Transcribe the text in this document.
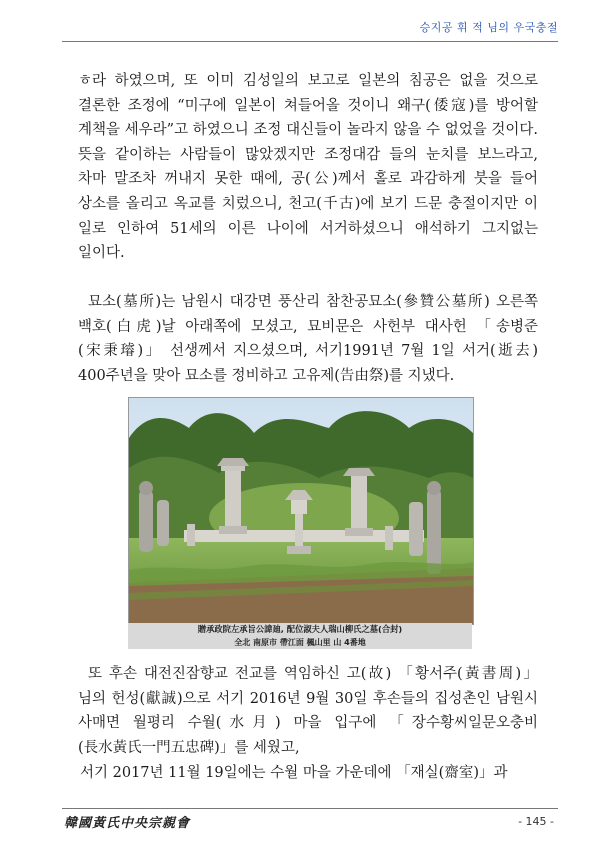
승지공 휘 적 님의 우국충절

ㅎ라 하였으며, 또 이미 김성일의 보고로 일본의 침공은 없을 것으로 결론한 조정에 “미구에 일본이 쳐들어올 것이니 왜구(倭寇)를 방어할 계책을 세우라”고 하였으니 조정 대신들이 놀라지 않을 수 없었을 것이다. 뜻을 같이하는 사람들이 많았겠지만 조정대감 들의 눈치를 보느라고, 차마 말조차 꺼내지 못한 때에, 공(公)께서 홀로 과감하게 붓을 들어 상소를 올리고 옥교를 치렀으니, 천고(千古)에 보기 드문 충절이지만 이 일로 인하여 51세의 이른 나이에 서거하셨으니 애석하기 그지없는 일이다.

묘소(墓所)는 남원시 대강면 풍산리 참찬공묘소(參贊公墓所) 오른쪽 백호(白虎)날 아래쪽에 모셨고, 묘비문은 사헌부 대사헌 「송병준(宋秉璿)」 선생께서 지으셨으며, 서기1991년 7월 1일 서거(逝去) 400주년을 맞아 묘소를 정비하고 고유제(告由祭)를 지냈다.

贈承政院左承旨公諱廸, 配位淑夫人瑞山柳氏之墓(合封)
全北 南原市 帶江面 楓山里 山 4番地

또 후손 대전진잠향교 전교를 역임하신 고(故) 「황서주(黃書周)」 님의 헌성(獻誠)으로 서기 2016년 9월 30일 후손들의 집성촌인 남원시 사매면 월평리 수월(水月) 마을 입구에 「장수황씨일문오충비(長水黃氏一門五忠碑)」를 세웠고,

서기 2017년 11월 19일에는 수월 마을 가운데에 「재실(齋室)」과

韓國黃氏中央宗親會	- 145 -
